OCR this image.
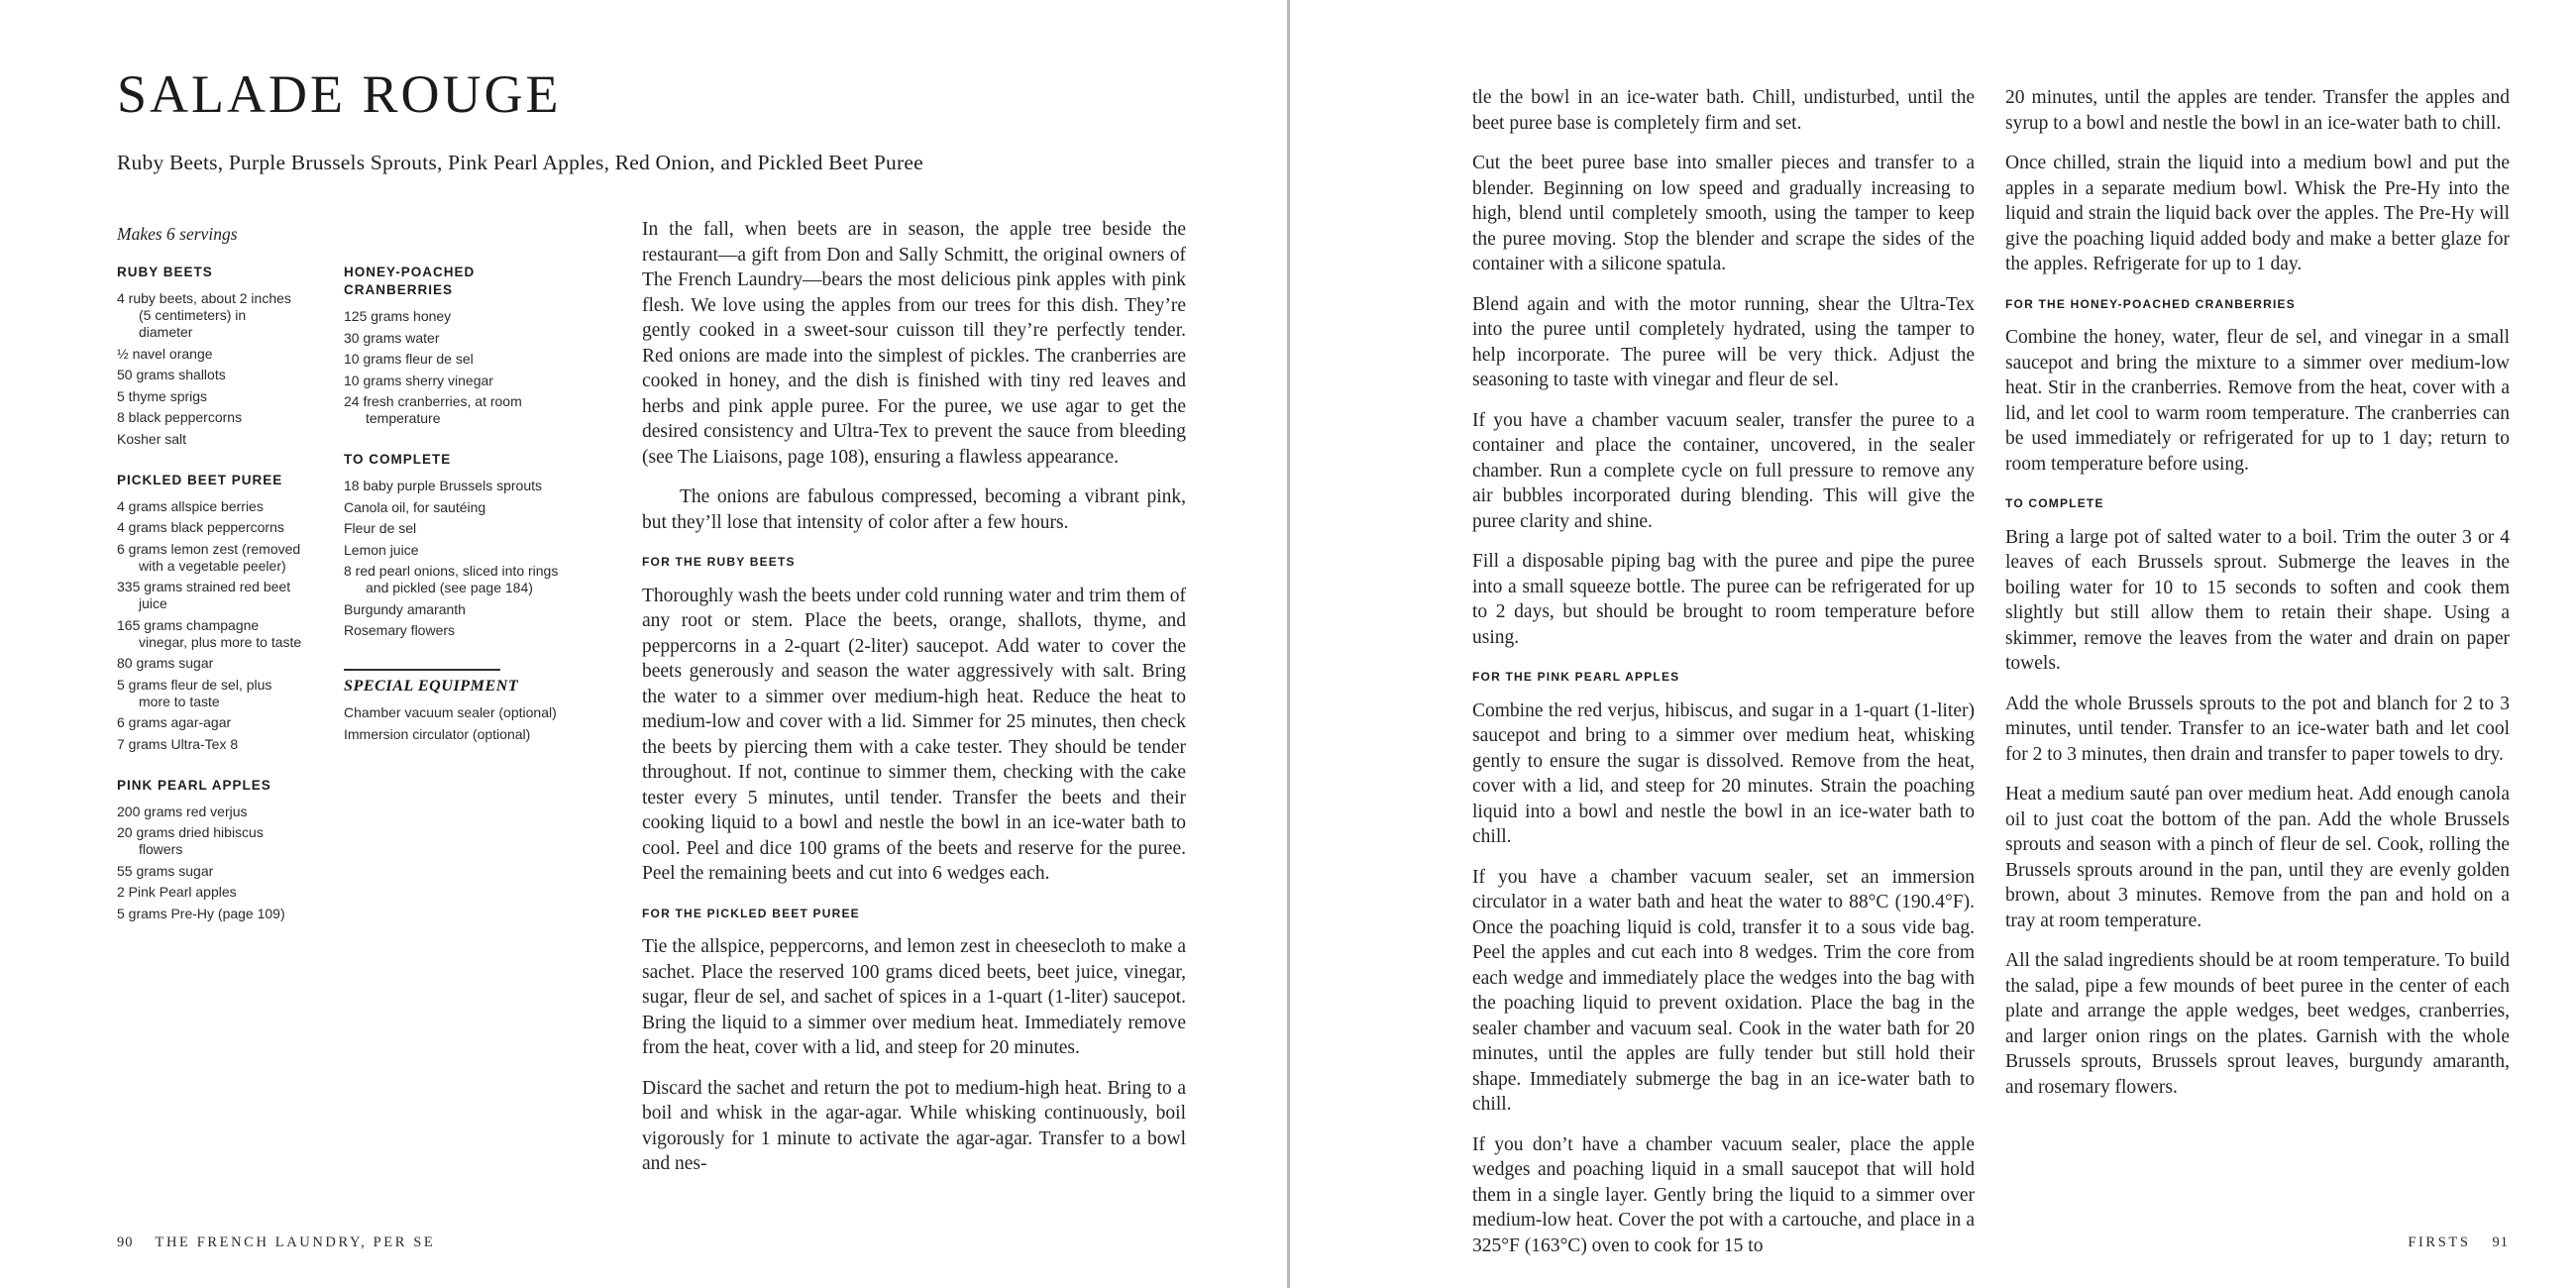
SALADE ROUGE
Ruby Beets, Purple Brussels Sprouts, Pink Pearl Apples, Red Onion, and Pickled Beet Puree
Makes 6 servings
RUBY BEETS
4 ruby beets, about 2 inches (5 centimeters) in diameter
½ navel orange
50 grams shallots
5 thyme sprigs
8 black peppercorns
Kosher salt
PICKLED BEET PUREE
4 grams allspice berries
4 grams black peppercorns
6 grams lemon zest (removed with a vegetable peeler)
335 grams strained red beet juice
165 grams champagne vinegar, plus more to taste
80 grams sugar
5 grams fleur de sel, plus more to taste
6 grams agar-agar
7 grams Ultra-Tex 8
PINK PEARL APPLES
200 grams red verjus
20 grams dried hibiscus flowers
55 grams sugar
2 Pink Pearl apples
5 grams Pre-Hy (page 109)
HONEY-POACHED CRANBERRIES
125 grams honey
30 grams water
10 grams fleur de sel
10 grams sherry vinegar
24 fresh cranberries, at room temperature
TO COMPLETE
18 baby purple Brussels sprouts
Canola oil, for sautéing
Fleur de sel
Lemon juice
8 red pearl onions, sliced into rings and pickled (see page 184)
Burgundy amaranth
Rosemary flowers
SPECIAL EQUIPMENT
Chamber vacuum sealer (optional)
Immersion circulator (optional)

In the fall, when beets are in season, the apple tree beside the restaurant—a gift from Don and Sally Schmitt, the original owners of The French Laundry—bears the most delicious pink apples with pink flesh. We love using the apples from our trees for this dish. They’re gently cooked in a sweet-sour cuisson till they’re perfectly tender. Red onions are made into the simplest of pickles. The cranberries are cooked in honey, and the dish is finished with tiny red leaves and herbs and pink apple puree. For the puree, we use agar to get the desired consistency and Ultra-Tex to prevent the sauce from bleeding (see The Liaisons, page 108), ensuring a flawless appearance.

The onions are fabulous compressed, becoming a vibrant pink, but they’ll lose that intensity of color after a few hours.

FOR THE RUBY BEETS

Thoroughly wash the beets under cold running water and trim them of any root or stem. Place the beets, orange, shallots, thyme, and peppercorns in a 2-quart (2-liter) saucepot. Add water to cover the beets generously and season the water aggressively with salt. Bring the water to a simmer over medium-high heat. Reduce the heat to medium-low and cover with a lid. Simmer for 25 minutes, then check the beets by piercing them with a cake tester. They should be tender throughout. If not, continue to simmer them, checking with the cake tester every 5 minutes, until tender. Transfer the beets and their cooking liquid to a bowl and nestle the bowl in an ice-water bath to cool. Peel and dice 100 grams of the beets and reserve for the puree. Peel the remaining beets and cut into 6 wedges each.

FOR THE PICKLED BEET PUREE

Tie the allspice, peppercorns, and lemon zest in cheesecloth to make a sachet. Place the reserved 100 grams diced beets, beet juice, vinegar, sugar, fleur de sel, and sachet of spices in a 1-quart (1-liter) saucepot. Bring the liquid to a simmer over medium heat. Immediately remove from the heat, cover with a lid, and steep for 20 minutes.

Discard the sachet and return the pot to medium-high heat. Bring to a boil and whisk in the agar-agar. While whisking continuously, boil vigorously for 1 minute to activate the agar-agar. Transfer to a bowl and nes-

tle the bowl in an ice-water bath. Chill, undisturbed, until the beet puree base is completely firm and set.

Cut the beet puree base into smaller pieces and transfer to a blender. Beginning on low speed and gradually increasing to high, blend until completely smooth, using the tamper to keep the puree moving. Stop the blender and scrape the sides of the container with a silicone spatula.

Blend again and with the motor running, shear the Ultra-Tex into the puree until completely hydrated, using the tamper to help incorporate. The puree will be very thick. Adjust the seasoning to taste with vinegar and fleur de sel.

If you have a chamber vacuum sealer, transfer the puree to a container and place the container, uncovered, in the sealer chamber. Run a complete cycle on full pressure to remove any air bubbles incorporated during blending. This will give the puree clarity and shine.

Fill a disposable piping bag with the puree and pipe the puree into a small squeeze bottle. The puree can be refrigerated for up to 2 days, but should be brought to room temperature before using.

FOR THE PINK PEARL APPLES

Combine the red verjus, hibiscus, and sugar in a 1-quart (1-liter) saucepot and bring to a simmer over medium heat, whisking gently to ensure the sugar is dissolved. Remove from the heat, cover with a lid, and steep for 20 minutes. Strain the poaching liquid into a bowl and nestle the bowl in an ice-water bath to chill.

If you have a chamber vacuum sealer, set an immersion circulator in a water bath and heat the water to 88°C (190.4°F). Once the poaching liquid is cold, transfer it to a sous vide bag. Peel the apples and cut each into 8 wedges. Trim the core from each wedge and immediately place the wedges into the bag with the poaching liquid to prevent oxidation. Place the bag in the sealer chamber and vacuum seal. Cook in the water bath for 20 minutes, until the apples are fully tender but still hold their shape. Immediately submerge the bag in an ice-water bath to chill.

If you don’t have a chamber vacuum sealer, place the apple wedges and poaching liquid in a small saucepot that will hold them in a single layer. Gently bring the liquid to a simmer over medium-low heat. Cover the pot with a cartouche, and place in a 325°F (163°C) oven to cook for 15 to

20 minutes, until the apples are tender. Transfer the apples and syrup to a bowl and nestle the bowl in an ice-water bath to chill.

Once chilled, strain the liquid into a medium bowl and put the apples in a separate medium bowl. Whisk the Pre-Hy into the liquid and strain the liquid back over the apples. The Pre-Hy will give the poaching liquid added body and make a better glaze for the apples. Refrigerate for up to 1 day.

FOR THE HONEY-POACHED CRANBERRIES

Combine the honey, water, fleur de sel, and vinegar in a small saucepot and bring the mixture to a simmer over medium-low heat. Stir in the cranberries. Remove from the heat, cover with a lid, and let cool to warm room temperature. The cranberries can be used immediately or refrigerated for up to 1 day; return to room temperature before using.

TO COMPLETE

Bring a large pot of salted water to a boil. Trim the outer 3 or 4 leaves of each Brussels sprout. Submerge the leaves in the boiling water for 10 to 15 seconds to soften and cook them slightly but still allow them to retain their shape. Using a skimmer, remove the leaves from the water and drain on paper towels.

Add the whole Brussels sprouts to the pot and blanch for 2 to 3 minutes, until tender. Transfer to an ice-water bath and let cool for 2 to 3 minutes, then drain and transfer to paper towels to dry.

Heat a medium sauté pan over medium heat. Add enough canola oil to just coat the bottom of the pan. Add the whole Brussels sprouts and season with a pinch of fleur de sel. Cook, rolling the Brussels sprouts around in the pan, until they are evenly golden brown, about 3 minutes. Remove from the pan and hold on a tray at room temperature.

All the salad ingredients should be at room temperature. To build the salad, pipe a few mounds of beet puree in the center of each plate and arrange the apple wedges, beet wedges, cranberries, and larger onion rings on the plates. Garnish with the whole Brussels sprouts, Brussels sprout leaves, burgundy amaranth, and rosemary flowers.

90 THE FRENCH LAUNDRY, PER SE	FIRSTS 91
